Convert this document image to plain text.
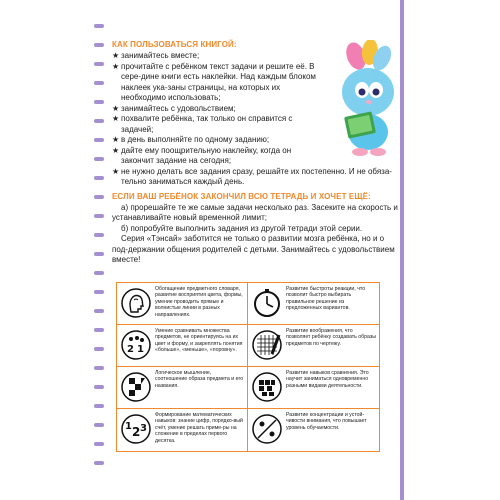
КАК ПОЛЬЗОВАТЬСЯ КНИГОЙ:
★ занимайтесь вместе;
★ прочитайте с ребёнком текст задачи и решите её. В сере-дине книги есть наклейки. Над каждым блоком наклеек ука-заны страницы, на которых их необходимо использовать;
★ занимайтесь с удовольствием;
★ похвалите ребёнка, так только он справится с задачей;
★ в день выполняйте по одному заданию;
★ дайте ему поощрительную наклейку, когда он закончит задание на сегодня;
★ не нужно делать все задания сразу, решайте их постепенно. И не обяза-тельно заниматься каждый день.
ЕСЛИ ВАШ РЕБЁНОК ЗАКОНЧИЛ ВСЮ ТЕТРАДЬ И ХОЧЕТ ЕЩЁ:

а) прорешайте те же самые задачи несколько раз. Засеките на скорость и устанавливайте новый временной лимит;

б) попробуйте выполнить задания из другой тетради этой серии.

Серия «Тэнсай» заботится не только о развитии мозга ребёнка, но и о под-держании общения родителей с детьми. Занимайтесь с удовольствием вместе!

Обогащение предметного словаря, развитие восприятия цвета, формы, умение проводить прямые и волнистые линии в разных направлениях.
Развитие быстроты реакции, что позволит быстро выбирать правильное решение из предложенных вариантов.
2 1
Умение сравнивать множества предметов, не ориентируясь на их цвет и форму, и закреплять понятия «больше», «меньше», «поровну».
Развитие воображения, что позволяет ребёнку создавать образы предметов по чертежу.
Логическое мышление, соотношение образа предмета и его названия.
Развитие навыков сравнения. Это научит заниматься одновременно разными видами деятельности.
1 2 3
Формирование математических навыков: знание цифр, порядко-вый счёт, умение решать приме-ры на сложение в пределах первого десятка.
Развитие концентрации и устой-чивости внимания, что повышает уровень обучаемости.
